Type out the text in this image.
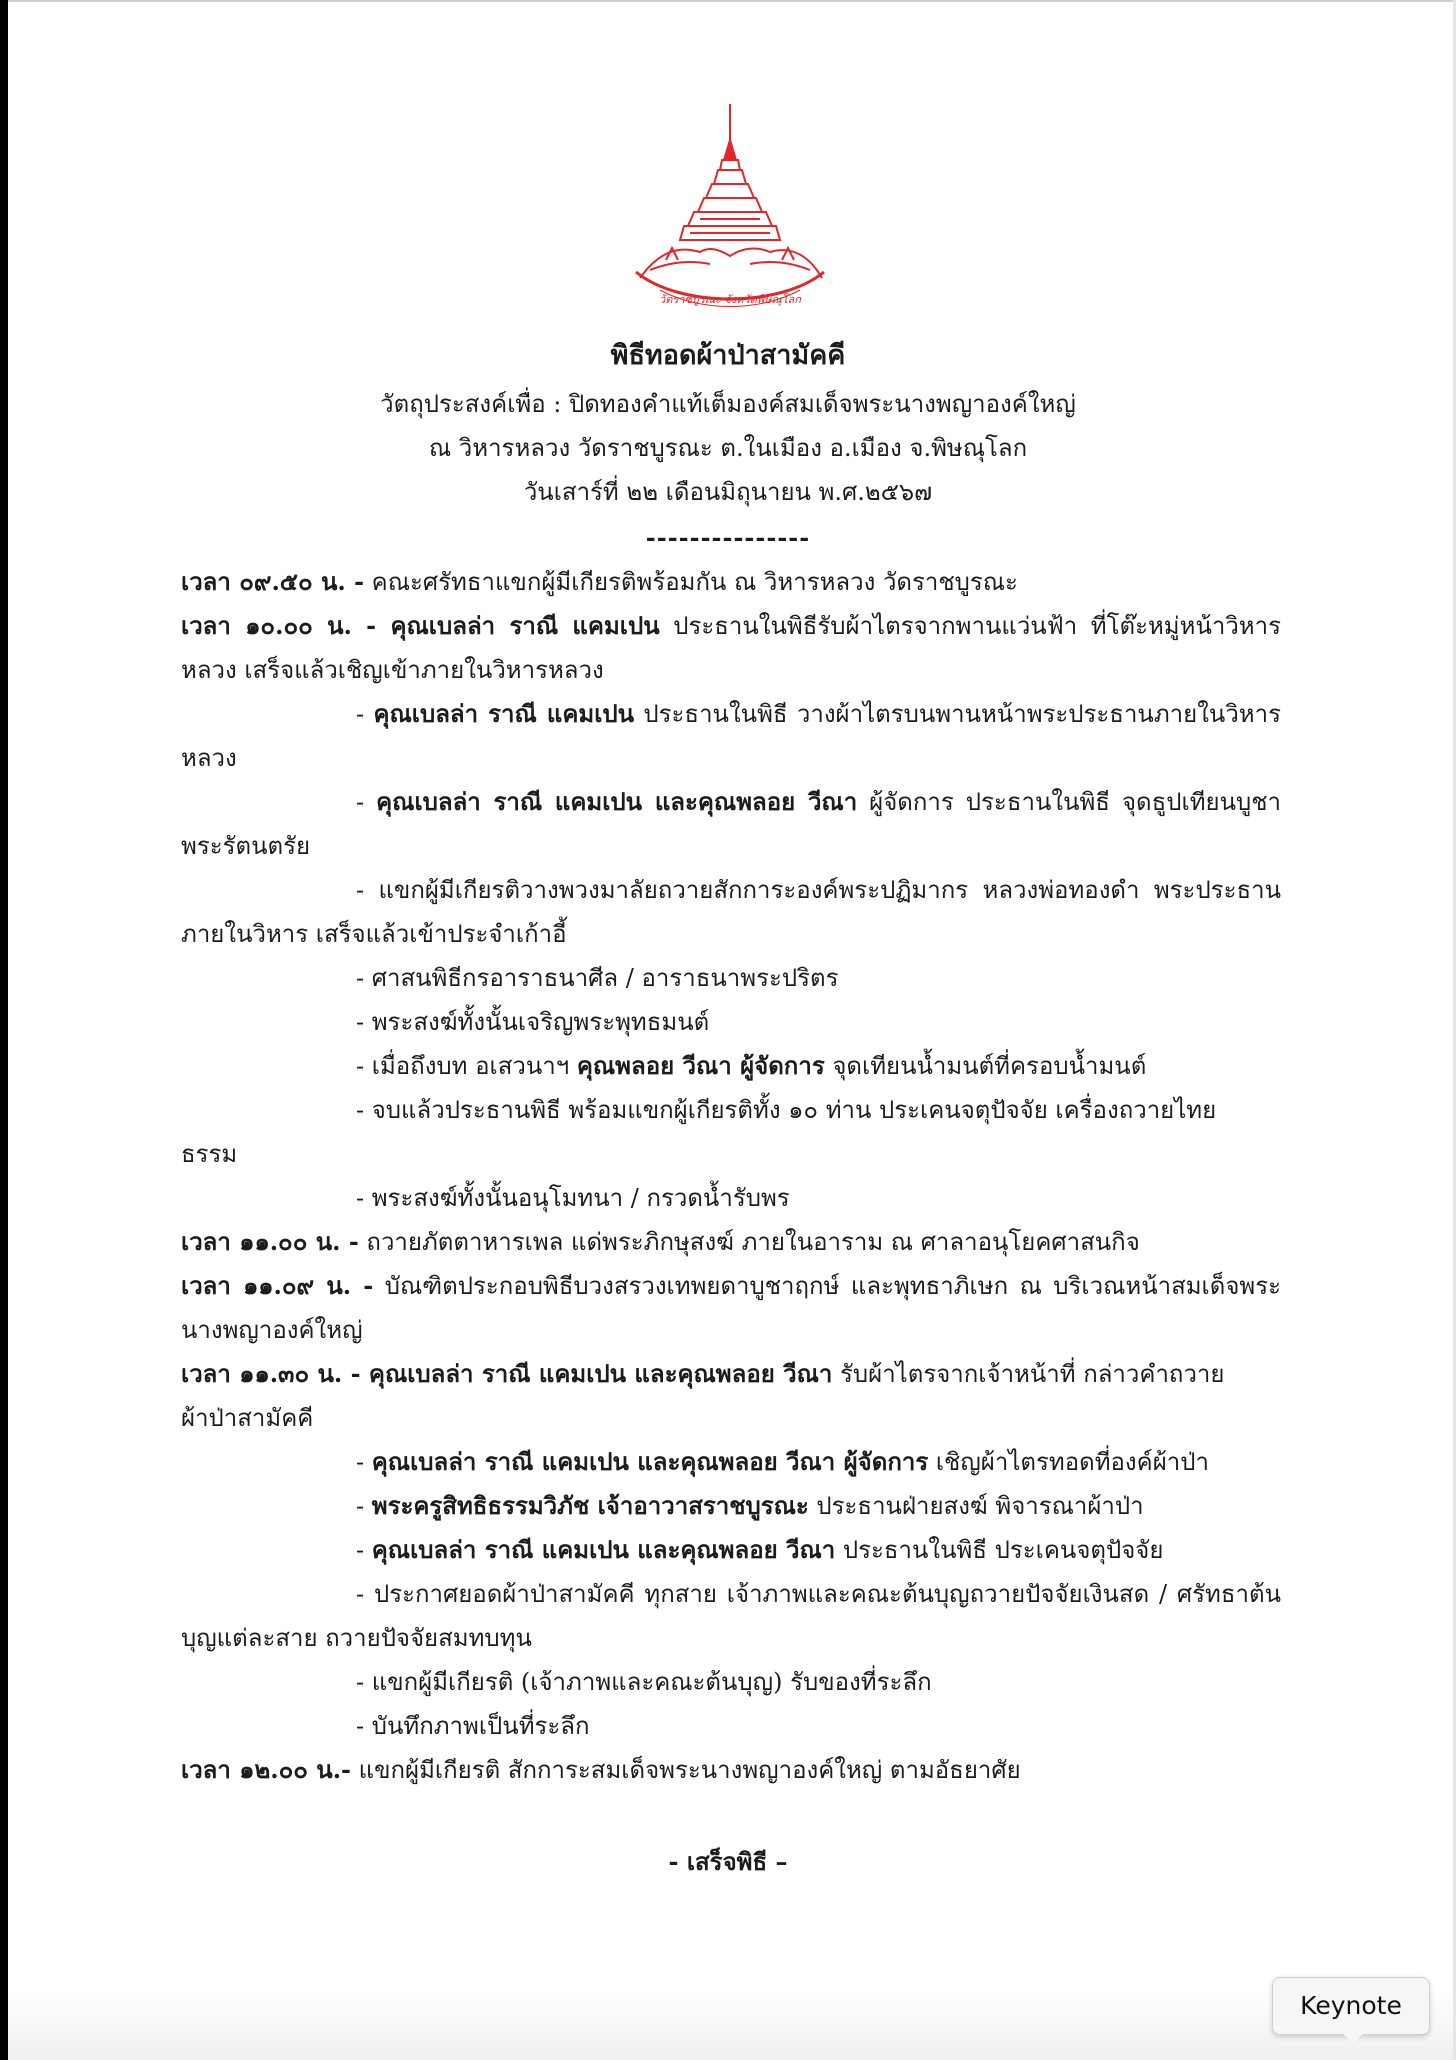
วัดราชบูรณะ จังหวัดพิษณุโลก
พิธีทอดผ้าป่าสามัคคี
วัตถุประสงค์เพื่อ : ปิดทองคำแท้เต็มองค์สมเด็จพระนางพญาองค์ใหญ่
ณ วิหารหลวง วัดราชบูรณะ ต.ในเมือง อ.เมือง จ.พิษณุโลก
วันเสาร์ที่ ๒๒ เดือนมิถุนายน พ.ศ.๒๕๖๗
---------------
เวลา ๐๙.๕๐ น. - คณะศรัทธาแขกผู้มีเกียรติพร้อมกัน ณ วิหารหลวง วัดราชบูรณะ
เวลา ๑๐.๐๐ น. - คุณเบลล่า ราณี แคมเปน ประธานในพิธีรับผ้าไตรจากพานแว่นฟ้า ที่โต๊ะหมู่หน้าวิหาร
หลวง เสร็จแล้วเชิญเข้าภายในวิหารหลวง
- คุณเบลล่า ราณี แคมเปน ประธานในพิธี วางผ้าไตรบนพานหน้าพระประธานภายในวิหาร
หลวง
- คุณเบลล่า ราณี แคมเปน และคุณพลอย วีณา ผู้จัดการ ประธานในพิธี จุดธูปเทียนบูชา
พระรัตนตรัย
- แขกผู้มีเกียรติวางพวงมาลัยถวายสักการะองค์พระปฏิมากร หลวงพ่อทองดำ พระประธาน
ภายในวิหาร เสร็จแล้วเข้าประจำเก้าอี้
- ศาสนพิธีกรอาราธนาศีล / อาราธนาพระปริตร
- พระสงฆ์ทั้งนั้นเจริญพระพุทธมนต์
- เมื่อถึงบท อเสวนาฯ คุณพลอย วีณา ผู้จัดการ จุดเทียนน้ำมนต์ที่ครอบน้ำมนต์
- จบแล้วประธานพิธี พร้อมแขกผู้เกียรติทั้ง ๑๐ ท่าน ประเคนจตุปัจจัย เครื่องถวายไทย
ธรรม
- พระสงฆ์ทั้งนั้นอนุโมทนา / กรวดน้ำรับพร
เวลา ๑๑.๐๐ น. - ถวายภัตตาหารเพล แด่พระภิกษุสงฆ์ ภายในอาราม ณ ศาลาอนุโยคศาสนกิจ
เวลา ๑๑.๐๙ น. - บัณฑิตประกอบพิธีบวงสรวงเทพยดาบูชาฤกษ์ และพุทธาภิเษก ณ บริเวณหน้าสมเด็จพระ
นางพญาองค์ใหญ่
เวลา ๑๑.๓๐ น. - คุณเบลล่า ราณี แคมเปน และคุณพลอย วีณา รับผ้าไตรจากเจ้าหน้าที่ กล่าวคำถวาย
ผ้าป่าสามัคคี
- คุณเบลล่า ราณี แคมเปน และคุณพลอย วีณา ผู้จัดการ เชิญผ้าไตรทอดที่องค์ผ้าป่า
- พระครูสิทธิธรรมวิภัช เจ้าอาวาสราชบูรณะ ประธานฝ่ายสงฆ์ พิจารณาผ้าป่า
- คุณเบลล่า ราณี แคมเปน และคุณพลอย วีณา ประธานในพิธี ประเคนจตุปัจจัย
- ประกาศยอดผ้าป่าสามัคคี ทุกสาย เจ้าภาพและคณะต้นบุญถวายปัจจัยเงินสด / ศรัทธาต้น
บุญแต่ละสาย ถวายปัจจัยสมทบทุน
- แขกผู้มีเกียรติ (เจ้าภาพและคณะต้นบุญ) รับของที่ระลึก
- บันทึกภาพเป็นที่ระลึก
เวลา ๑๒.๐๐ น.- แขกผู้มีเกียรติ สักการะสมเด็จพระนางพญาองค์ใหญ่ ตามอัธยาศัย
- เสร็จพิธี –
Keynote
